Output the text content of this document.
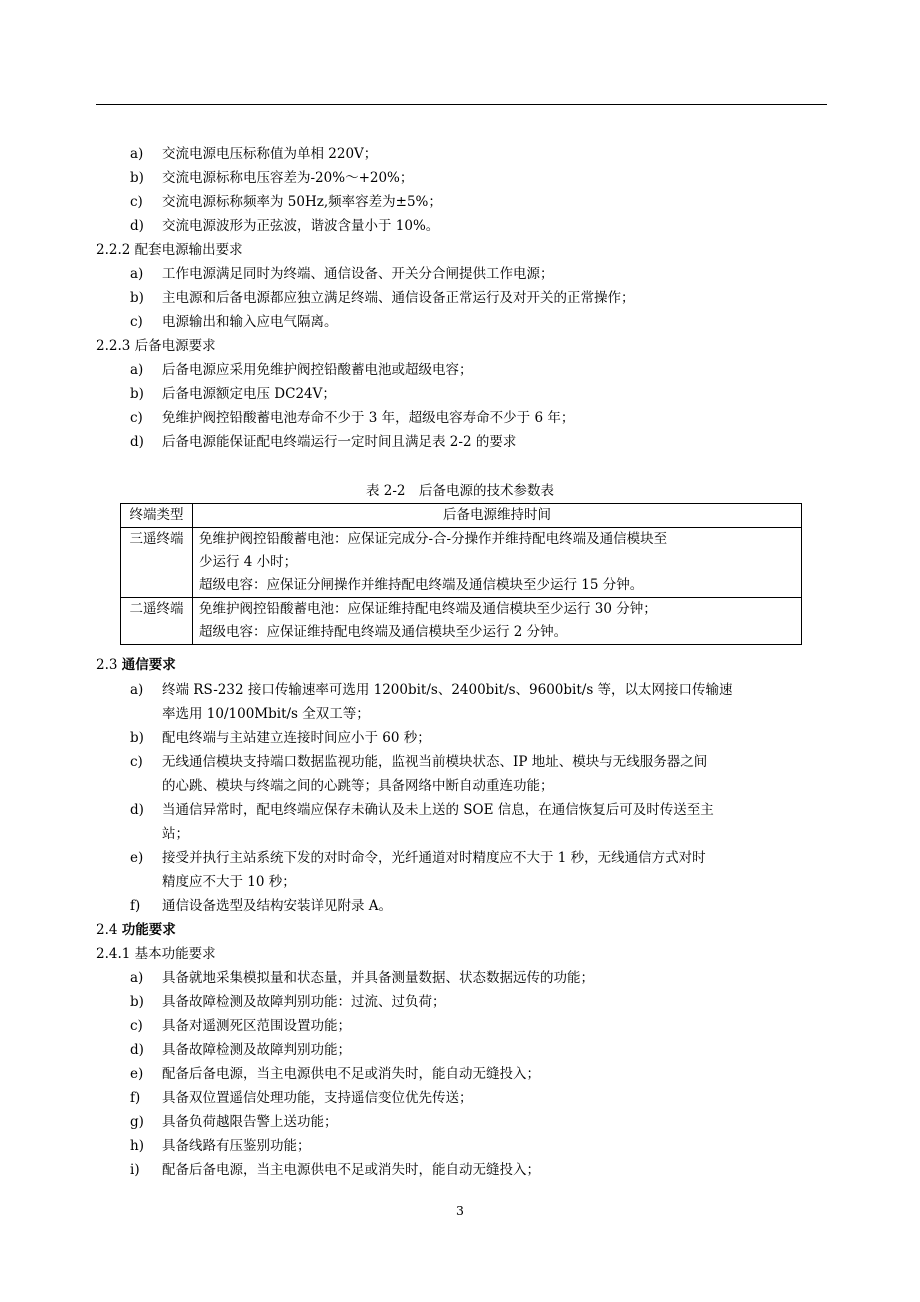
a) 交流电源电压标称值为单相 220V；
b) 交流电源标称电压容差为-20%～+20%；
c) 交流电源标称频率为 50Hz,频率容差为±5%；
d) 交流电源波形为正弦波，谐波含量小于 10%。
2.2.2 配套电源输出要求
a) 工作电源满足同时为终端、通信设备、开关分合闸提供工作电源；
b) 主电源和后备电源都应独立满足终端、通信设备正常运行及对开关的正常操作；
c) 电源输出和输入应电气隔离。
2.2.3 后备电源要求
a) 后备电源应采用免维护阀控铅酸蓄电池或超级电容；
b) 后备电源额定电压 DC24V；
c) 免维护阀控铅酸蓄电池寿命不少于 3 年，超级电容寿命不少于 6 年；
d) 后备电源能保证配电终端运行一定时间且满足表 2-2 的要求
表 2-2　后备电源的技术参数表
终端类型	后备电源维持时间
三遥终端	免维护阀控铅酸蓄电池：应保证完成分-合-分操作并维持配电终端及通信模块至
少运行 4 小时；
超级电容：应保证分闸操作并维持配电终端及通信模块至少运行 15 分钟。

二遥终端	免维护阀控铅酸蓄电池：应保证维持配电终端及通信模块至少运行 30 分钟；
超级电容：应保证维持配电终端及通信模块至少运行 2 分钟。
2.3 通信要求
a) 终端 RS-232 接口传输速率可选用 1200bit/s、2400bit/s、9600bit/s 等，以太网接口传输速
率选用 10/100Mbit/s 全双工等；
b) 配电终端与主站建立连接时间应小于 60 秒；
c) 无线通信模块支持端口数据监视功能，监视当前模块状态、IP 地址、模块与无线服务器之间
的心跳、模块与终端之间的心跳等；具备网络中断自动重连功能；
d) 当通信异常时，配电终端应保存未确认及未上送的 SOE 信息，在通信恢复后可及时传送至主
站；
e) 接受并执行主站系统下发的对时命令，光纤通道对时精度应不大于 1 秒，无线通信方式对时
精度应不大于 10 秒；
f) 通信设备选型及结构安装详见附录 A。
2.4 功能要求
2.4.1 基本功能要求
a) 具备就地采集模拟量和状态量，并具备测量数据、状态数据远传的功能；
b) 具备故障检测及故障判别功能：过流、过负荷；
c) 具备对遥测死区范围设置功能；
d) 具备故障检测及故障判别功能；
e) 配备后备电源，当主电源供电不足或消失时，能自动无缝投入；
f) 具备双位置遥信处理功能，支持遥信变位优先传送；
g) 具备负荷越限告警上送功能；
h) 具备线路有压鉴别功能；
i) 配备后备电源，当主电源供电不足或消失时，能自动无缝投入；
3
